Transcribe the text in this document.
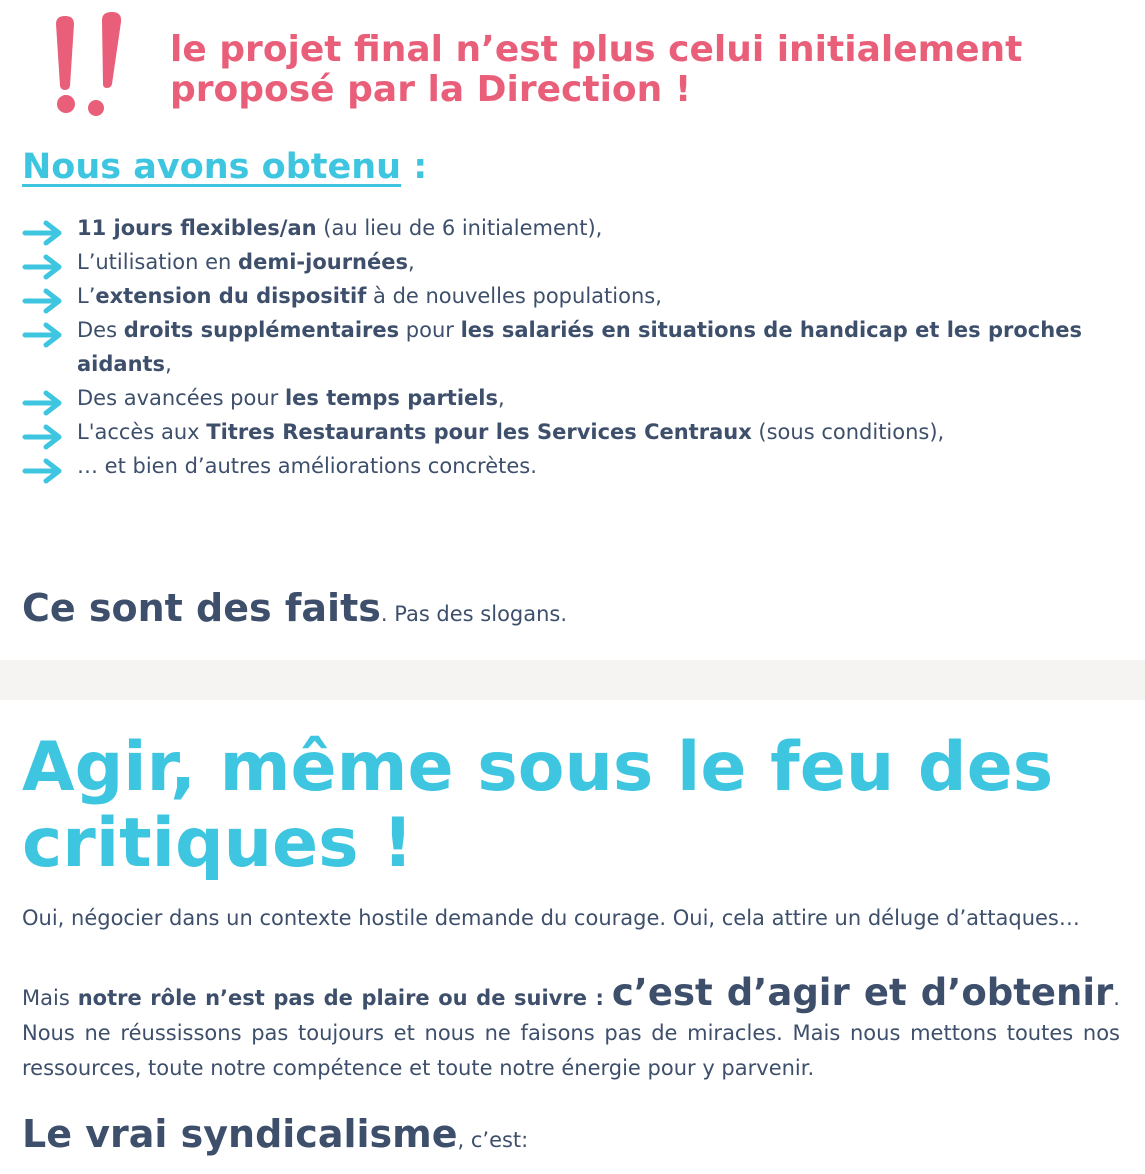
le projet final n’est plus celui initialement proposé par la Direction !
Nous avons obtenu :
11 jours flexibles/an (au lieu de 6 initialement),
L’utilisation en demi-journées,
L’extension du dispositif à de nouvelles populations,
Des droits supplémentaires pour les salariés en situations de handicap et les proches aidants,
Des avancées pour les temps partiels,
L'accès aux Titres Restaurants pour les Services Centraux (sous conditions),
… et bien d’autres améliorations concrètes.

Ce sont des faits. Pas des slogans.

Agir, même sous le feu des critiques !

Oui, négocier dans un contexte hostile demande du courage. Oui, cela attire un déluge d’attaques…

Mais notre rôle n’est pas de plaire ou de suivre : c’est d’agir et d’obtenir. Nous ne réussissons pas toujours et nous ne faisons pas de miracles. Mais nous mettons toutes nos ressources, toute notre compétence et toute notre énergie pour y parvenir.

Le vrai syndicalisme, c’est:
